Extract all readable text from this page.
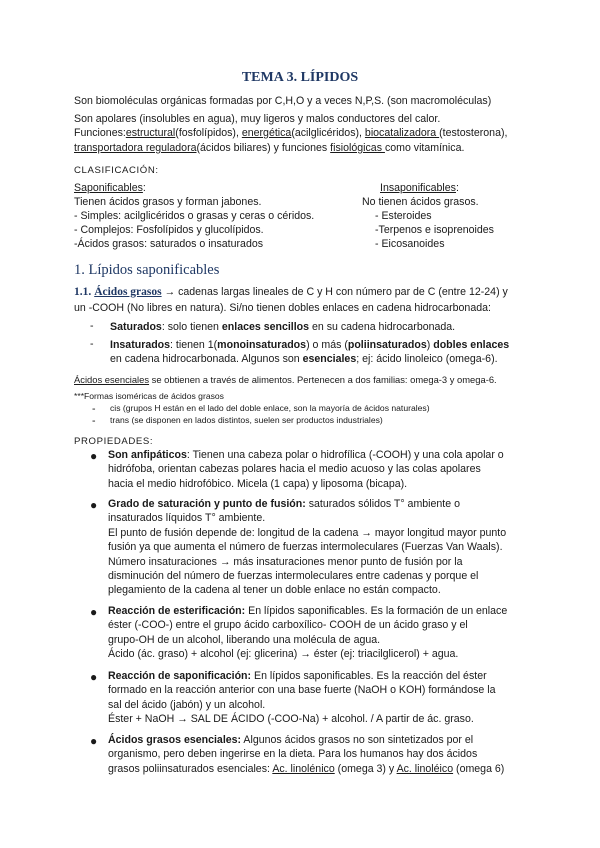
TEMA 3. LÍPIDOS
Son biomoléculas orgánicas formadas por C,H,O y a veces N,P,S. (son macromoléculas)
Son apolares (insolubles en agua), muy ligeros y malos conductores del calor.
Funciones:estructural(fosfolípidos), energética(acilglicéridos), biocatalizadora (testosterona),
transportadora reguladora(ácidos biliares) y funciones fisiológicas como vitamínica.
CLASIFICACIÓN:
Saponificables:
Tienen ácidos grasos y forman jabones.
- Simples: acilglicéridos o grasas y ceras o céridos.
- Complejos: Fosfolípidos y glucolípidos.
-Ácidos grasos: saturados o insaturados
Insaponificables:
No tienen ácidos grasos.
- Esteroides
-Terpenos e isoprenoides
- Eicosanoides
1. Lípidos saponificables
1.1. Ácidos grasos → cadenas largas lineales de C y H con número par de C (entre 12-24) y
un -COOH (No libres en natura). Si/no tienen dobles enlaces en cadena hidrocarbonada:
- Saturados: solo tienen enlaces sencillos en su cadena hidrocarbonada.
- Insaturados: tienen 1(monoinsaturados) o más (poliinsaturados) dobles enlaces
en cadena hidrocarbonada. Algunos son esenciales; ej: ácido linoleico (omega-6).
Ácidos esenciales se obtienen a través de alimentos. Pertenecen a dos familias: omega-3 y omega-6.
***Formas isoméricas de ácidos grasos
- cis (grupos H están en el lado del doble enlace, son la mayoría de ácidos naturales)
- trans (se disponen en lados distintos, suelen ser productos industriales)
PROPIEDADES:
● Son anfipáticos: Tienen una cabeza polar o hidrofílica (-COOH) y una cola apolar o
hidrófoba, orientan cabezas polares hacia el medio acuoso y las colas apolares
hacia el medio hidrofóbico. Micela (1 capa) y liposoma (bicapa).
● Grado de saturación y punto de fusión: saturados sólidos T° ambiente o
insaturados líquidos T° ambiente.
El punto de fusión depende de: longitud de la cadena → mayor longitud mayor punto
fusión ya que aumenta el número de fuerzas intermoleculares (Fuerzas Van Waals).
Número insaturaciones → más insaturaciones menor punto de fusión por la
disminución del número de fuerzas intermoleculares entre cadenas y porque el
plegamiento de la cadena al tener un doble enlace no están compacto.
● Reacción de esterificación: En lípidos saponificables. Es la formación de un enlace
éster (-COO-) entre el grupo ácido carboxílico- COOH de un ácido graso y el
grupo-OH de un alcohol, liberando una molécula de agua.
Ácido (ác. graso) + alcohol (ej: glicerina) → éster (ej: triacilglicerol) + agua.
● Reacción de saponificación: En lípidos saponificables. Es la reacción del éster
formado en la reacción anterior con una base fuerte (NaOH o KOH) formándose la
sal del ácido (jabón) y un alcohol.
Éster + NaOH → SAL DE ÁCIDO (-COO-Na) + alcohol. / A partir de ác. graso.
● Ácidos grasos esenciales: Algunos ácidos grasos no son sintetizados por el
organismo, pero deben ingerirse en la dieta. Para los humanos hay dos ácidos
grasos poliinsaturados esenciales: Ac. linolénico (omega 3) y Ac. linoléico (omega 6)
